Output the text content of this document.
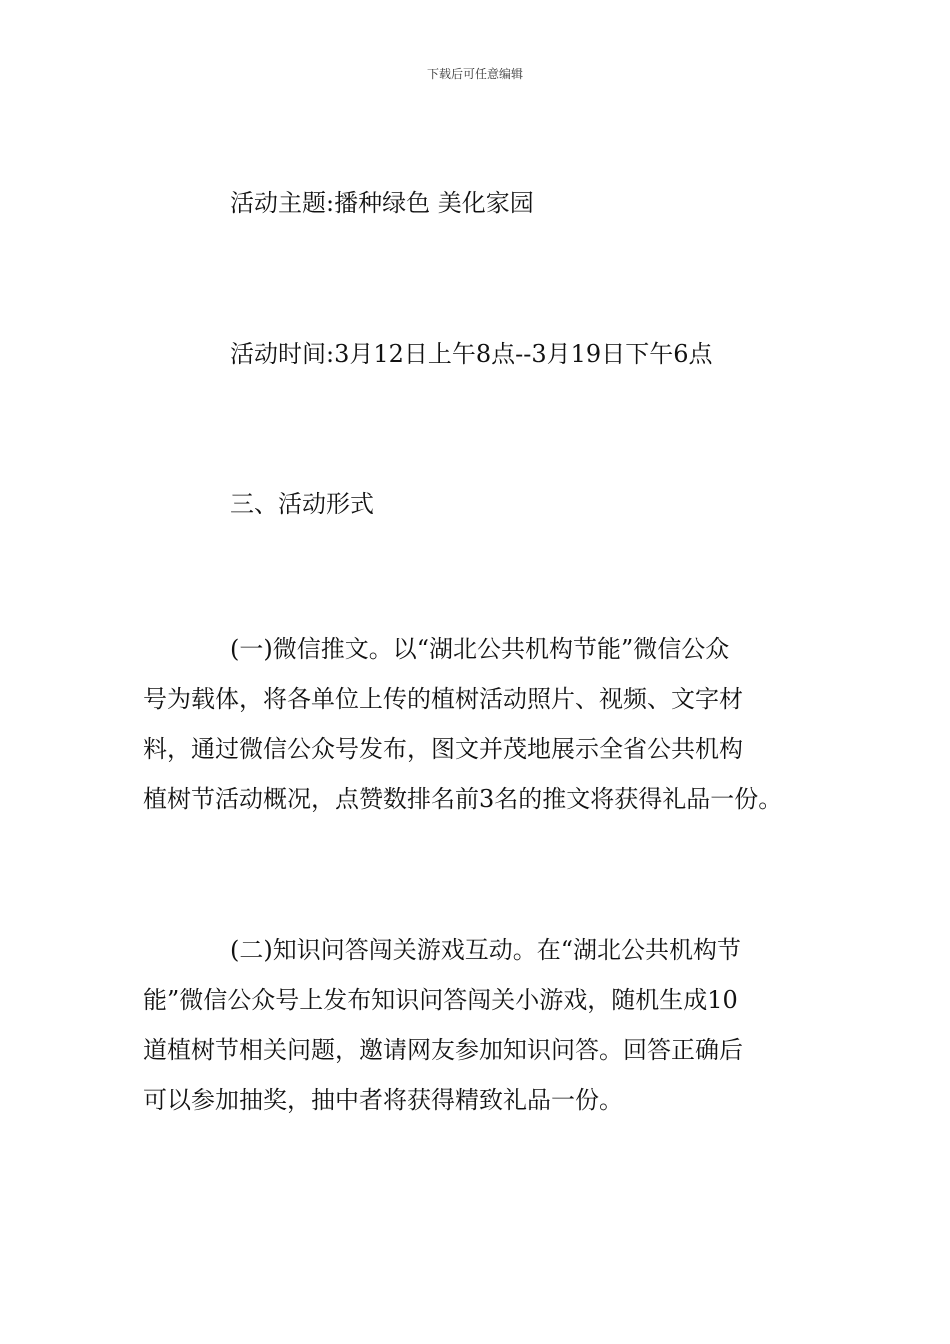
下载后可任意编辑
活动主题:播种绿色 美化家园
活动时间:3月12日上午8点--3月19日下午6点
三、活动形式
(一)微信推文。以“湖北公共机构节能”微信公众
号为载体，将各单位上传的植树活动照片、视频、文字材
料，通过微信公众号发布，图文并茂地展示全省公共机构
植树节活动概况，点赞数排名前3名的推文将获得礼品一份。
(二)知识问答闯关游戏互动。在“湖北公共机构节
能”微信公众号上发布知识问答闯关小游戏，随机生成10
道植树节相关问题，邀请网友参加知识问答。回答正确后
可以参加抽奖，抽中者将获得精致礼品一份。
